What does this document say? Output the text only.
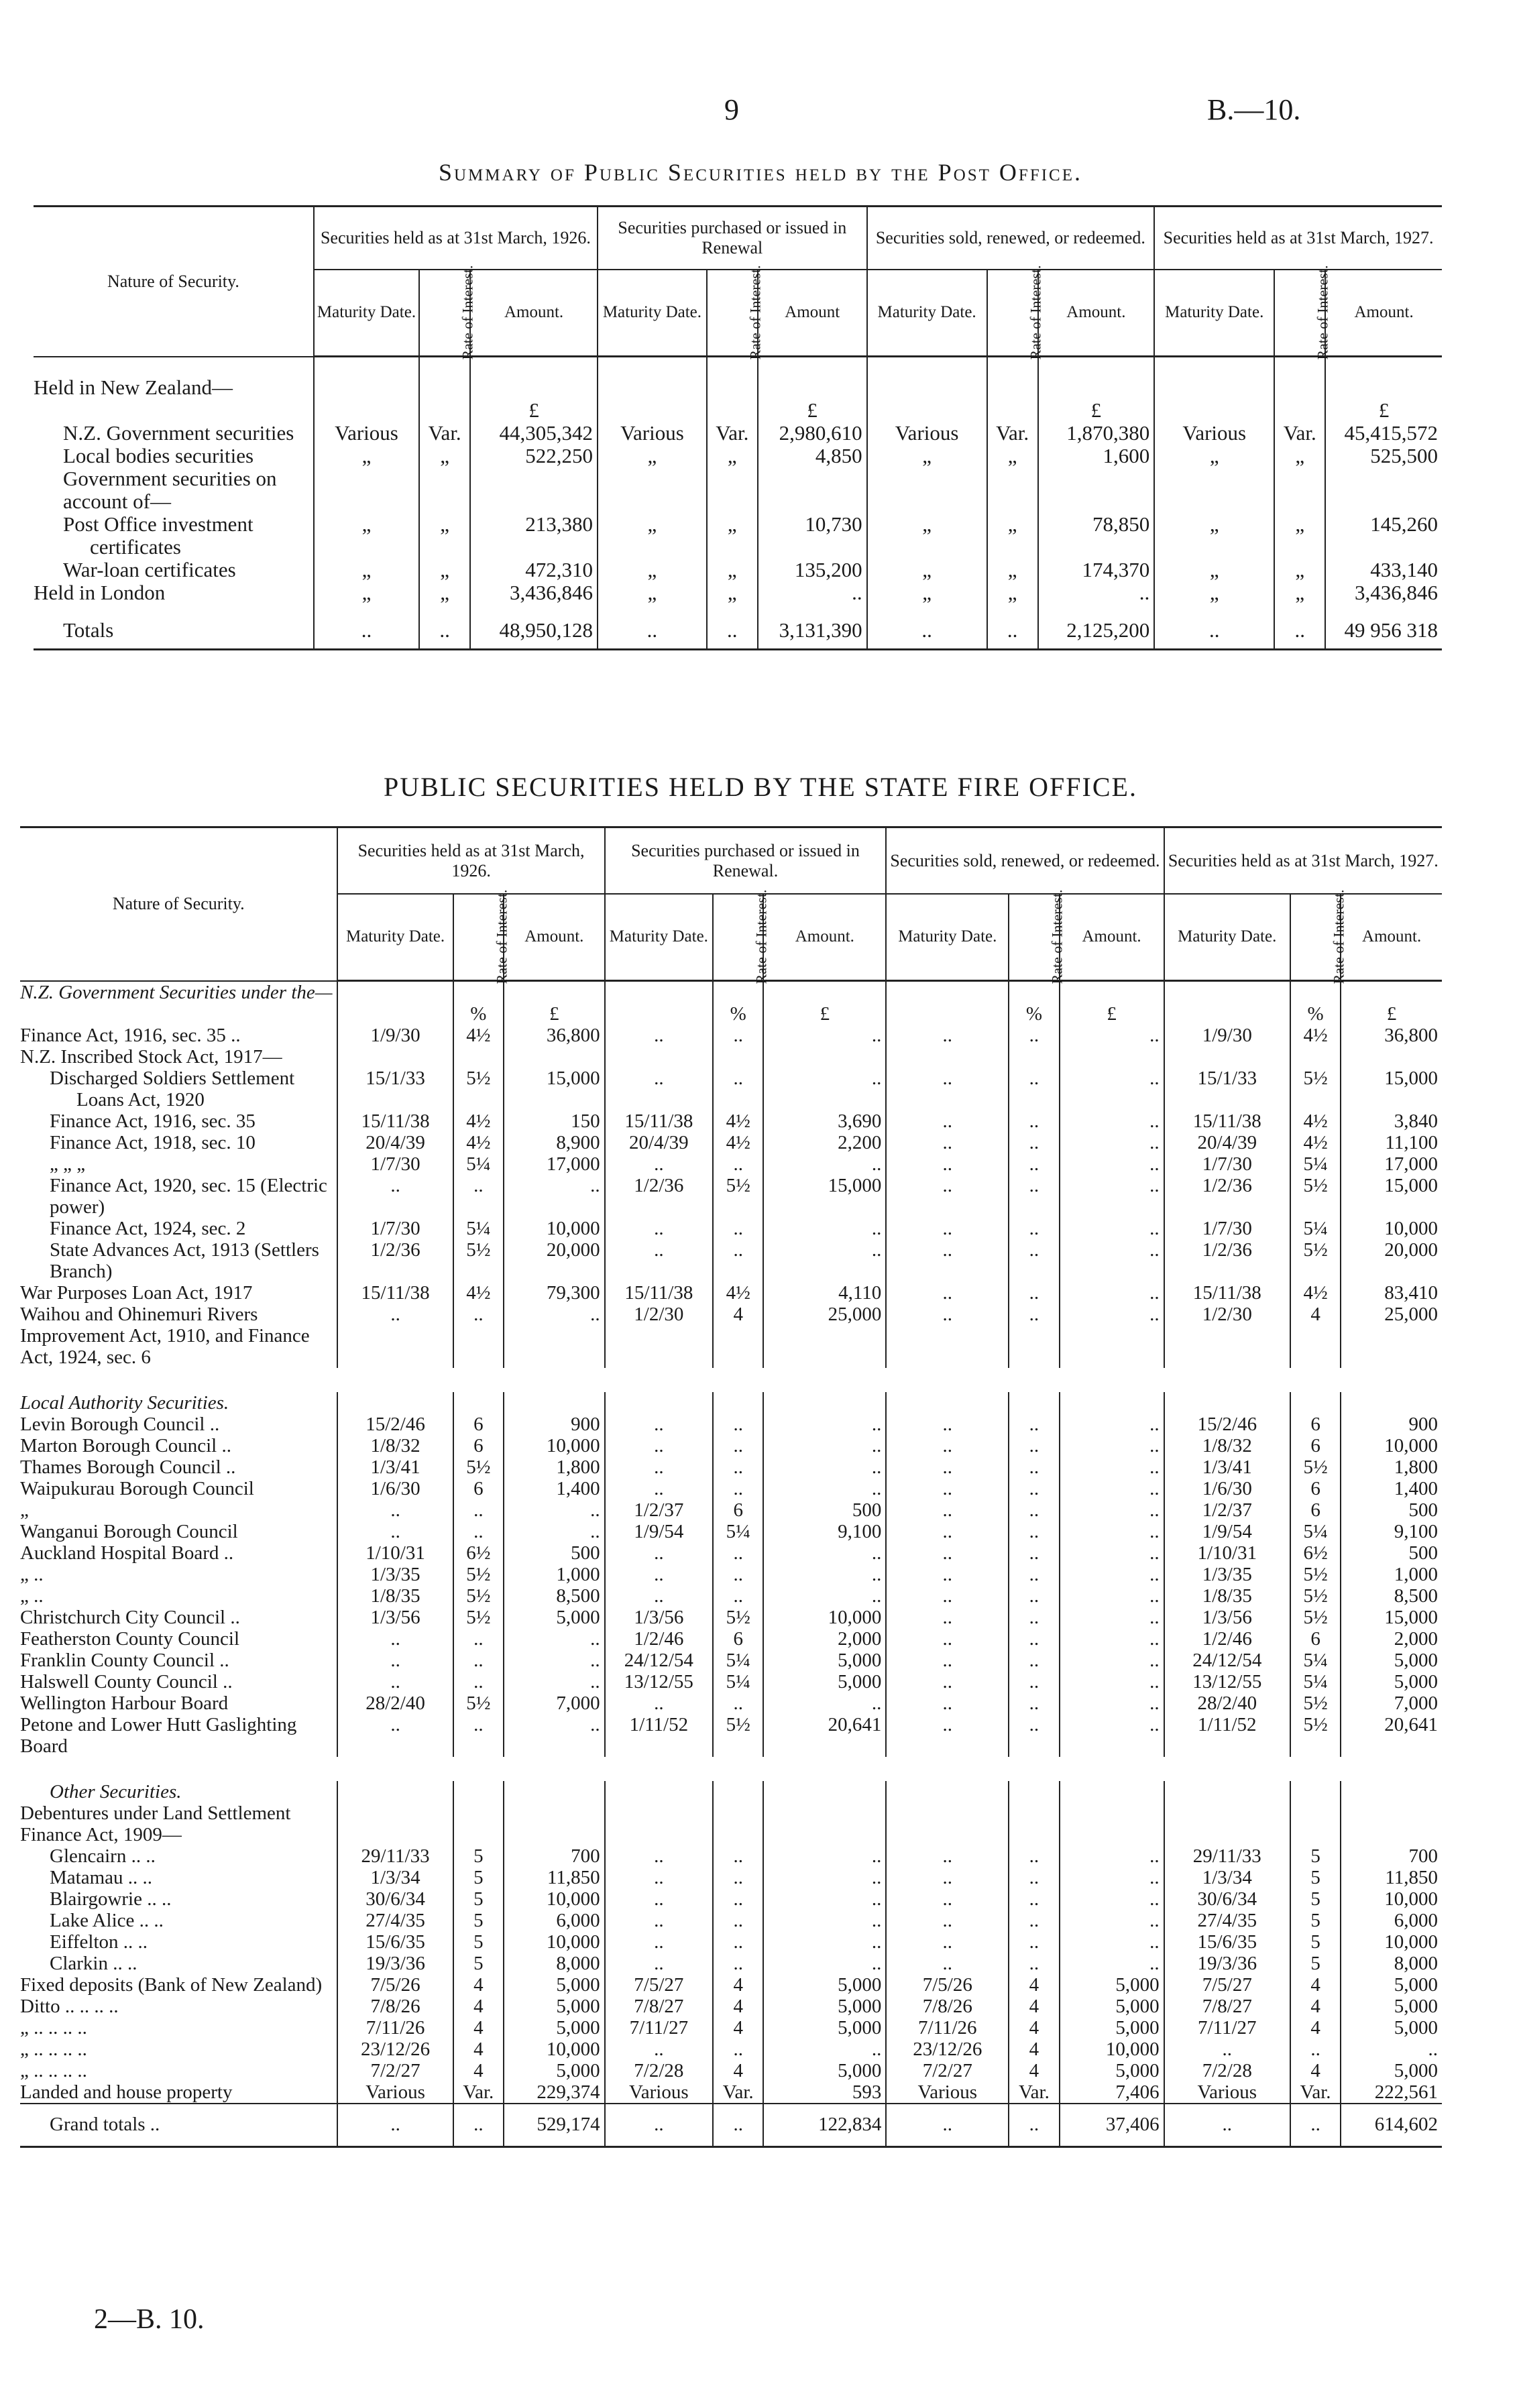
9	B.—10.
Summary of Public Securities held by the Post Office.
Nature of Security.	Securities held as at 31st March, 1926.			Securities purchased or issued in Renewal			Securities sold, renewed, or redeemed.			Securities held as at 31st March, 1927.		
	Maturity Date.	Rate of Interest.	Amount.	Maturity Date.	Rate of Interest.	Amount	Maturity Date.	Rate of Interest.	Amount.	Maturity Date.	Rate of Interest.	Amount.
Held in New Zealand—												
			£			£			£			£
N.Z. Government securities	Various	Var.	44,305,342	Various	Var.	2,980,610	Various	Var.	1,870,380	Various	Var.	45,415,572
Local bodies securities	„	„	522,250	„	„	4,850	„	„	1,600	„	„	525,500
Government securities on account of—												
Post Office investment certificates	„	„	213,380	„	„	10,730	„	„	78,850	„	„	145,260
War-loan certificates	„	„	472,310	„	„	135,200	„	„	174,370	„	„	433,140
Held in London	„	„	3,436,846	„	„	..	„	„	..	„	„	3,436,846
Totals	..	..	48,950,128	..	..	3,131,390	..	..	2,125,200	..	..	49 956 318
PUBLIC SECURITIES HELD BY THE STATE FIRE OFFICE.
Nature of Security.	Securities held as at 31st March, 1926.			Securities purchased or issued in Renewal.			Securities sold, renewed, or redeemed.			Securities held as at 31st March, 1927.		
	Maturity Date.	Rate of Interest.	Amount.	Maturity Date.	Rate of Interest.	Amount.	Maturity Date.	Rate of Interest.	Amount.	Maturity Date.	Rate of Interest.	Amount.
N.Z. Government Securities under the—												
		%	£		%	£		%	£		%	£
Finance Act, 1916, sec. 35 ..	1/9/30	4½	36,800	..	..	..	..	..	..	1/9/30	4½	36,800
N.Z. Inscribed Stock Act, 1917—												
Discharged Soldiers Settlement Loans Act, 1920	15/1/33	5½	15,000	..	..	..	..	..	..	15/1/33	5½	15,000
Finance Act, 1916, sec. 35	15/11/38	4½	150	15/11/38	4½	3,690	..	..	..	15/11/38	4½	3,840
Finance Act, 1918, sec. 10	20/4/39	4½	8,900	20/4/39	4½	2,200	..	..	..	20/4/39	4½	11,100
„ „ „	1/7/30	5¼	17,000	..	..	..	..	..	..	1/7/30	5¼	17,000
Finance Act, 1920, sec. 15 (Electric power)	..	..	..	1/2/36	5½	15,000	..	..	..	1/2/36	5½	15,000
Finance Act, 1924, sec. 2	1/7/30	5¼	10,000	..	..	..	..	..	..	1/7/30	5¼	10,000
State Advances Act, 1913 (Settlers Branch)	1/2/36	5½	20,000	..	..	..	..	..	..	1/2/36	5½	20,000
War Purposes Loan Act, 1917	15/11/38	4½	79,300	15/11/38	4½	4,110	..	..	..	15/11/38	4½	83,410
Waihou and Ohinemuri Rivers Improvement Act, 1910, and Finance Act, 1924, sec. 6	..	..	..	1/2/30	4	25,000	..	..	..	1/2/30	4	25,000

Local Authority Securities.												
Levin Borough Council ..	15/2/46	6	900	..	..	..	..	..	..	15/2/46	6	900
Marton Borough Council ..	1/8/32	6	10,000	..	..	..	..	..	..	1/8/32	6	10,000
Thames Borough Council ..	1/3/41	5½	1,800	..	..	..	..	..	..	1/3/41	5½	1,800
Waipukurau Borough Council	1/6/30	6	1,400	..	..	..	..	..	..	1/6/30	6	1,400
„	..	..	..	1/2/37	6	500	..	..	..	1/2/37	6	500
Wanganui Borough Council	..	..	..	1/9/54	5¼	9,100	..	..	..	1/9/54	5¼	9,100
Auckland Hospital Board ..	1/10/31	6½	500	..	..	..	..	..	..	1/10/31	6½	500
„ ..	1/3/35	5½	1,000	..	..	..	..	..	..	1/3/35	5½	1,000
„ ..	1/8/35	5½	8,500	..	..	..	..	..	..	1/8/35	5½	8,500
Christchurch City Council ..	1/3/56	5½	5,000	1/3/56	5½	10,000	..	..	..	1/3/56	5½	15,000
Featherston County Council	..	..	..	1/2/46	6	2,000	..	..	..	1/2/46	6	2,000
Franklin County Council ..	..	..	..	24/12/54	5¼	5,000	..	..	..	24/12/54	5¼	5,000
Halswell County Council ..	..	..	..	13/12/55	5¼	5,000	..	..	..	13/12/55	5¼	5,000
Wellington Harbour Board	28/2/40	5½	7,000	..	..	..	..	..	..	28/2/40	5½	7,000
Petone and Lower Hutt Gaslighting Board	..	..	..	1/11/52	5½	20,641	..	..	..	1/11/52	5½	20,641

Other Securities.												
Debentures under Land Settlement Finance Act, 1909—												
Glencairn .. ..	29/11/33	5	700	..	..	..	..	..	..	29/11/33	5	700
Matamau .. ..	1/3/34	5	11,850	..	..	..	..	..	..	1/3/34	5	11,850
Blairgowrie .. ..	30/6/34	5	10,000	..	..	..	..	..	..	30/6/34	5	10,000
Lake Alice .. ..	27/4/35	5	6,000	..	..	..	..	..	..	27/4/35	5	6,000
Eiffelton .. ..	15/6/35	5	10,000	..	..	..	..	..	..	15/6/35	5	10,000
Clarkin .. ..	19/3/36	5	8,000	..	..	..	..	..	..	19/3/36	5	8,000
Fixed deposits (Bank of New Zealand)	7/5/26	4	5,000	7/5/27	4	5,000	7/5/26	4	5,000	7/5/27	4	5,000
Ditto .. .. .. ..	7/8/26	4	5,000	7/8/27	4	5,000	7/8/26	4	5,000	7/8/27	4	5,000
„ .. .. .. ..	7/11/26	4	5,000	7/11/27	4	5,000	7/11/26	4	5,000	7/11/27	4	5,000
„ .. .. .. ..	23/12/26	4	10,000	..	..	..	23/12/26	4	10,000	..	..	..
„ .. .. .. ..	7/2/27	4	5,000	7/2/28	4	5,000	7/2/27	4	5,000	7/2/28	4	5,000
Landed and house property	Various	Var.	229,374	Various	Var.	593	Various	Var.	7,406	Various	Var.	222,561
Grand totals ..	..	..	529,174	..	..	122,834	..	..	37,406	..	..	614,602
2—B. 10.
